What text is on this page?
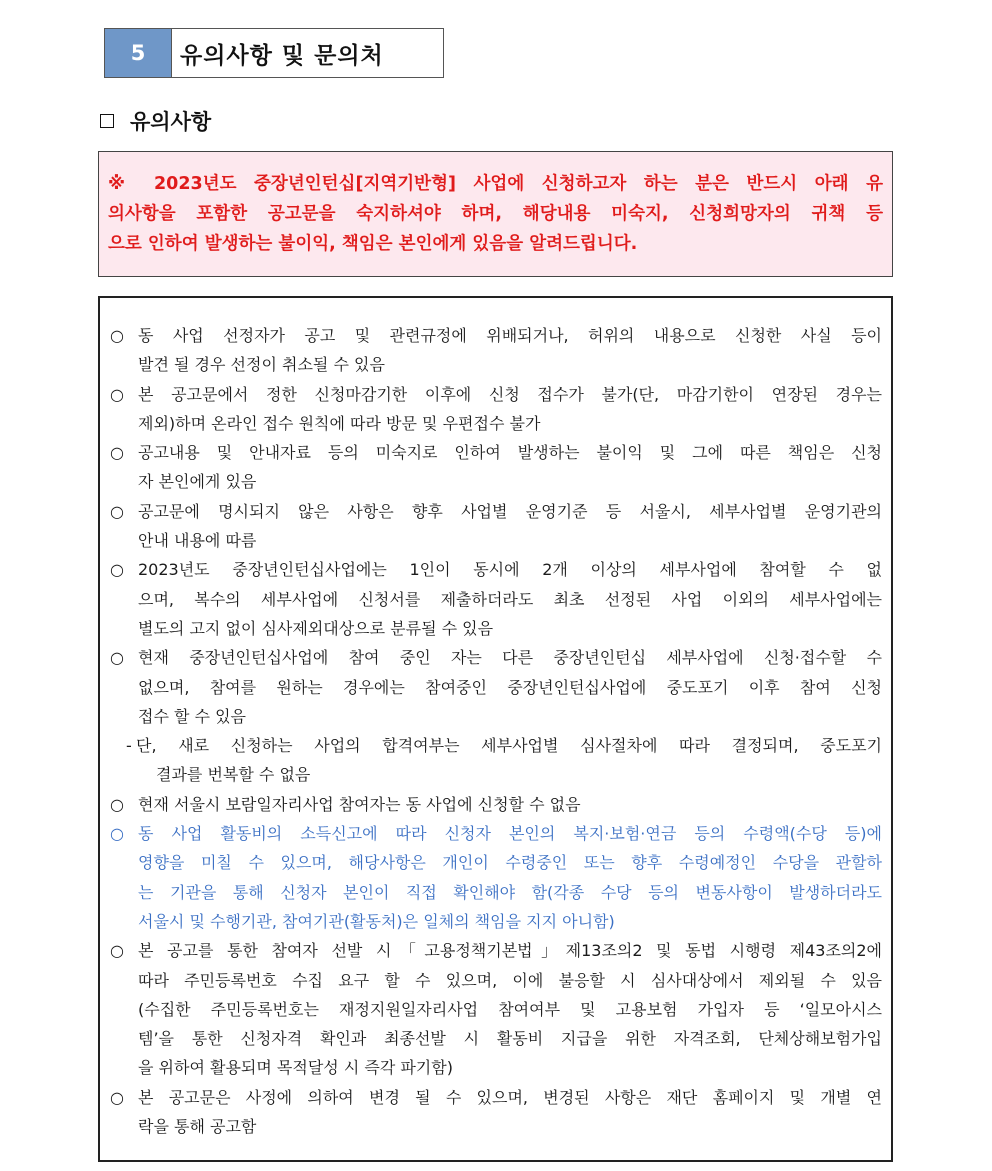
5	유의사항 및 문의처
유의사항
※ 2023년도 중장년인턴십[지역기반형] 사업에 신청하고자 하는 분은 반드시 아래 유
의사항을 포함한 공고문을 숙지하셔야 하며, 해당내용 미숙지, 신청희망자의 귀책 등
으로 인하여 발생하는 불이익, 책임은 본인에게 있음을 알려드립니다.
○ 동 사업 선정자가 공고 및 관련규정에 위배되거나, 허위의 내용으로 신청한 사실 등이
발견 될 경우 선정이 취소될 수 있음
○ 본 공고문에서 정한 신청마감기한 이후에 신청 접수가 불가(단, 마감기한이 연장된 경우는
제외)하며 온라인 접수 원칙에 따라 방문 및 우편접수 불가
○ 공고내용 및 안내자료 등의 미숙지로 인하여 발생하는 불이익 및 그에 따른 책임은 신청
자 본인에게 있음
○ 공고문에 명시되지 않은 사항은 향후 사업별 운영기준 등 서울시, 세부사업별 운영기관의
안내 내용에 따름
○ 2023년도 중장년인턴십사업에는 1인이 동시에 2개 이상의 세부사업에 참여할 수 없
으며, 복수의 세부사업에 신청서를 제출하더라도 최초 선정된 사업 이외의 세부사업에는
별도의 고지 없이 심사제외대상으로 분류될 수 있음
○ 현재 중장년인턴십사업에 참여 중인 자는 다른 중장년인턴십 세부사업에 신청·접수할 수
없으며, 참여를 원하는 경우에는 참여중인 중장년인턴십사업에 중도포기 이후 참여 신청
접수 할 수 있음
- 단, 새로 신청하는 사업의 합격여부는 세부사업별 심사절차에 따라 결정되며, 중도포기
결과를 번복할 수 없음
○ 현재 서울시 보람일자리사업 참여자는 동 사업에 신청할 수 없음
○ 동 사업 활동비의 소득신고에 따라 신청자 본인의 복지·보험·연금 등의 수령액(수당 등)에
영향을 미칠 수 있으며, 해당사항은 개인이 수령중인 또는 향후 수령예정인 수당을 관할하
는 기관을 통해 신청자 본인이 직접 확인해야 함(각종 수당 등의 변동사항이 발생하더라도
서울시 및 수행기관, 참여기관(활동처)은 일체의 책임을 지지 아니함)
○ 본 공고를 통한 참여자 선발 시「고용정책기본법」제13조의2 및 동법 시행령 제43조의2에
따라 주민등록번호 수집 요구 할 수 있으며, 이에 불응할 시 심사대상에서 제외될 수 있음
(수집한 주민등록번호는 재정지원일자리사업 참여여부 및 고용보험 가입자 등 ‘일모아시스
템’을 통한 신청자격 확인과 최종선발 시 활동비 지급을 위한 자격조회, 단체상해보험가입
을 위하여 활용되며 목적달성 시 즉각 파기함)
○ 본 공고문은 사정에 의하여 변경 될 수 있으며, 변경된 사항은 재단 홈페이지 및 개별 연
락을 통해 공고함
